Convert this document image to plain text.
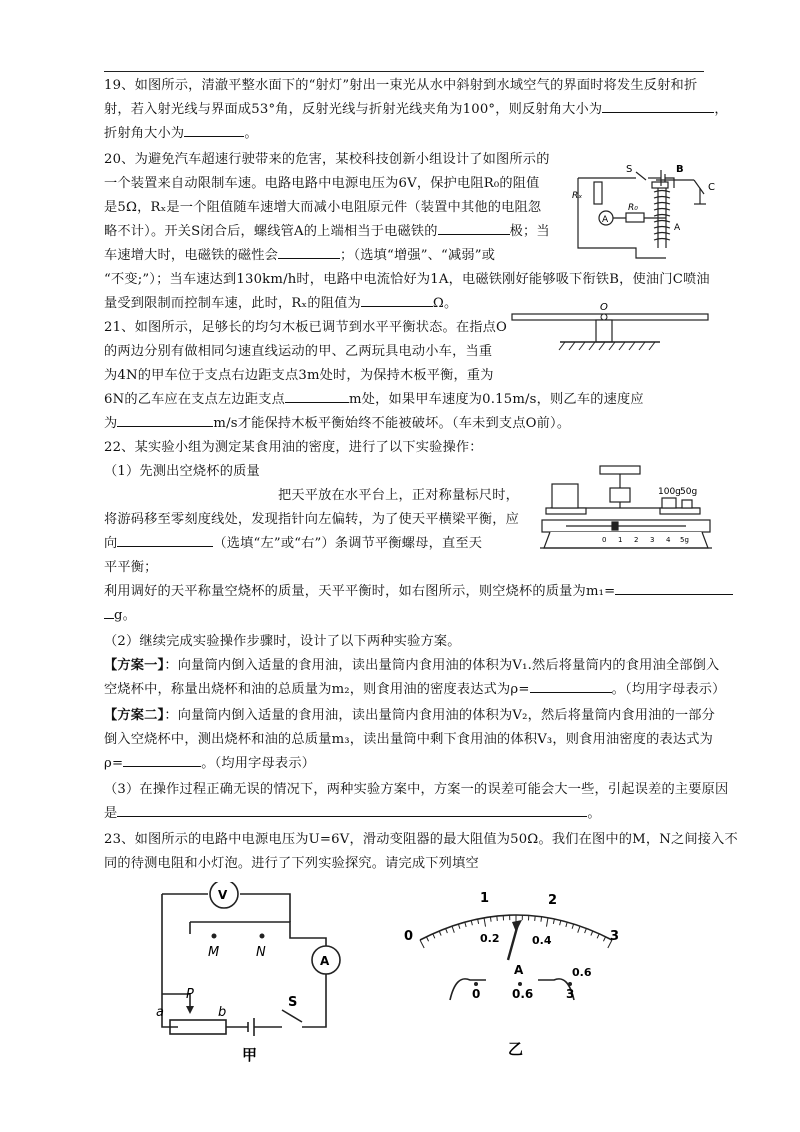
19、如图所示，清澈平整水面下的“射灯”射出一束光从水中斜射到水域空气的界面时将发生反射和折
射，若入射光线与界面成53°角，反射光线与折射光线夹角为100°，则反射角大小为	，
折射角大小为	。
20、为避免汽车超速行驶带来的危害，某校科技创新小组设计了如图所示的
一个装置来自动限制车速。电路电路中电源电压为6V，保护电阻R₀的阻值
是5Ω，Rₓ是一个阻值随车速增大而减小电阻原元件（装置中其他的电阻忽
略不计）。开关S闭合后，螺线管A的上端相当于电磁铁的	极；当
车速增大时，电磁铁的磁性会	；（选填“增强”、“减弱”或
“不变;”）；当车速达到130km/h时，电路中电流恰好为1A，电磁铁刚好能够吸下衔铁B，使油门C喷油
量受到限制而控制车速，此时，Rₓ的阻值为	Ω。
A
S	B
C
Rₓ
R₀
A
21、如图所示，足够长的均匀木板已调节到水平平衡状态。在指点O
的两边分别有做相同匀速直线运动的甲、乙两玩具电动小车，当重
为4N的甲车位于支点右边距支点3m处时，为保持木板平衡，重为
6N的乙车应在支点左边距支点	m处，如果甲车速度为0.15m/s，则乙车的速度应
为	m/s才能保持木板平衡始终不能被破坏。（车未到支点O前）。
O
22、某实验小组为测定某食用油的密度，进行了以下实验操作：
（1）先测出空烧杯的质量
把天平放在水平台上，正对称量标尺时，
将游码移至零刻度线处，发现指针向左偏转，为了使天平横梁平衡，应
向	（选填“左”或“右”）条调节平衡螺母，直至天
平平衡；
利用调好的天平称量空烧杯的质量，天平平衡时，如右图所示，则空烧杯的质量为m₁=
g。
（2）继续完成实验操作步骤时，设计了以下两种实验方案。
【方案一】：向量筒内倒入适量的食用油，读出量筒内食用油的体积为V₁.然后将量筒内的食用油全部倒入
空烧杯中，称量出烧杯和油的总质量为m₂，则食用油的密度表达式为ρ=	。（均用字母表示）
【方案二】：向量筒内倒入适量的食用油，读出量筒内食用油的体积为V₂，然后将量筒内食用油的一部分
倒入空烧杯中，测出烧杯和油的总质量m₃，读出量筒中剩下食用油的体积V₃，则食用油密度的表达式为
ρ=	。（均用字母表示）
（3）在操作过程正确无误的情况下，两种实验方案中，方案一的误差可能会大一些，引起误差的主要原因
是	。
100g 50g
0 1 2 3 4 5g
23、如图所示的电路中电源电压为U=6V，滑动变阻器的最大阻值为50Ω。我们在图中的M，N之间接入不
同的待测电阻和小灯泡。进行了下列实验探究。请完成下列填空
V
A
M	N
P
a	b
S
甲
0
1	2
3
0.2	0.4
0.6
A
0	0.6	3
乙
